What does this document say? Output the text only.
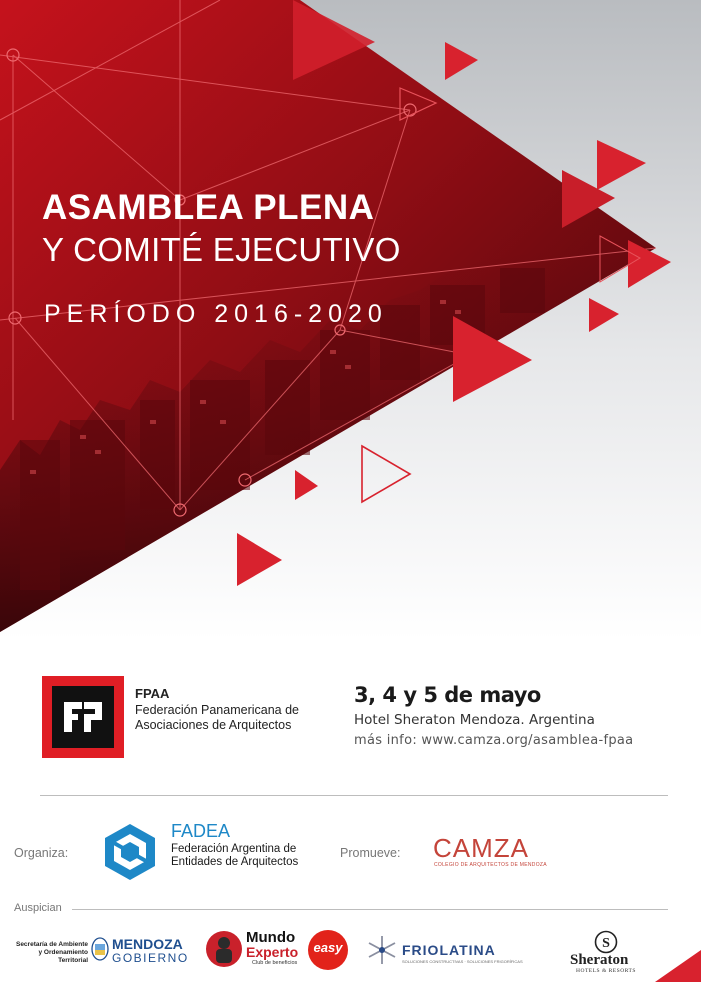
ASAMBLEA PLENA
Y COMITÉ EJECUTIVO
PERÍODO 2016-2020
FPAA
Federación Panamericana de Asociaciones de Arquitectos
3, 4 y 5 de mayo
Hotel Sheraton Mendoza. Argentina
más info: www.camza.org/asamblea-fpaa
Organiza:
FADEA
Federación Argentina de Entidades de Arquitectos
Promueve: CAMZA
COLEGIO DE ARQUITECTOS DE MENDOZA
Auspician
Secretaría de Ambiente y Ordenamiento Territorial
MENDOZA
GOBIERNO
Mundo
Experto
Club de beneficios
easy	FRIOLATINA
SOLUCIONES CONSTRUCTIVAS · SOLUCIONES FRIGORÍFICAS
S
Sheraton
HOTELS & RESORTS
